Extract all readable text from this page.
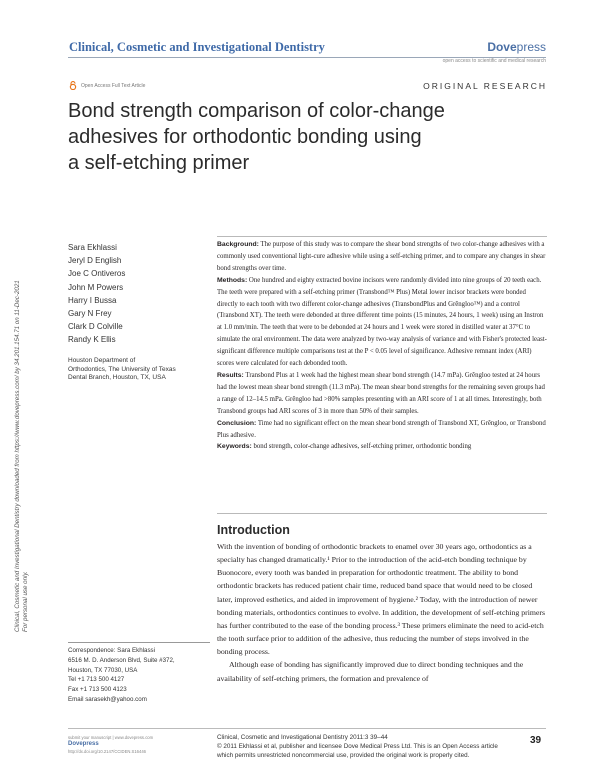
Clinical, Cosmetic and Investigational Dentistry	Dovepress
open access to scientific and medical research
Open Access Full Text Article	ORIGINAL RESEARCH
Bond strength comparison of color-change
adhesives for orthodontic bonding using
a self-etching primer
Clinical, Cosmetic and Investigational Dentistry downloaded from https://www.dovepress.com/ by 34.201.154.71 on 11-Dec-2021 For personal use only.
Sara Ekhlassi
Jeryl D English
Joe C Ontiveros
John M Powers
Harry I Bussa
Gary N Frey
Clark D Colville
Randy K Ellis
Houston Department of
Orthodontics, The University of Texas
Dental Branch, Houston, TX, USA

Background: The purpose of this study was to compare the shear bond strengths of two color-change adhesives with a commonly used conventional light-cure adhesive while using a self-etching primer, and to compare any changes in shear bond strengths over time.

Methods: One hundred and eighty extracted bovine incisors were randomly divided into nine groups of 20 teeth each. The teeth were prepared with a self-etching primer (Transbond™ Plus) Metal lower incisor brackets were bonded directly to each tooth with two different color-change adhesives (TransbondPlus and Grẽngloo™) and a control (Transbond XT). The teeth were debonded at three different time points (15 minutes, 24 hours, 1 week) using an Instron at 1.0 mm/min. The teeth that were to be debonded at 24 hours and 1 week were stored in distilled water at 37°C to simulate the oral environment. The data were analyzed by two-way analysis of variance and with Fisher's protected least-significant difference multiple comparisons test at the P < 0.05 level of significance. Adhesive remnant index (ARI) scores were calculated for each debonded tooth.

Results: Transbond Plus at 1 week had the highest mean shear bond strength (14.7 mPa). Grẽngloo tested at 24 hours had the lowest mean shear bond strength (11.3 mPa). The mean shear bond strengths for the remaining seven groups had a range of 12–14.5 mPa. Grẽngloo had >80% samples presenting with an ARI score of 1 at all times. Interestingly, both Transbond groups had ARI scores of 3 in more than 50% of their samples.

Conclusion: Time had no significant effect on the mean shear bond strength of Transbond XT, Grẽngloo, or Transbond Plus adhesive.

Keywords: bond strength, color-change adhesives, self-etching primer, orthodontic bonding

Introduction

With the invention of bonding of orthodontic brackets to enamel over 30 years ago, orthodontics as a specialty has changed dramatically.¹ Prior to the introduction of the acid-etch bonding technique by Buonocore, every tooth was banded in preparation for orthodontic treatment. The ability to bond orthodontic brackets has reduced patient chair time, reduced band space that would need to be closed later, improved esthetics, and aided in improvement of hygiene.² Today, with the introduction of newer bonding materials, orthodontics continues to evolve. In addition, the development of self-etching primers has further contributed to the ease of the bonding process.³ These primers eliminate the need to acid-etch the tooth surface prior to addition of the adhesive, thus reducing the number of steps involved in the bonding process.

Although ease of bonding has significantly improved due to direct bonding techniques and the availability of self-etching primers, the formation and prevalence of

Correspondence: Sara Ekhlassi
6516 M. D. Anderson Blvd, Suite #372,
Houston, TX 77030, USA
Tel +1 713 500 4127
Fax +1 713 500 4123
Email sarasekh@yahoo.com
submit your manuscript | www.dovepress.com
Dovepress
http://dx.doi.org/10.2147/CCIDEN.S16446
Clinical, Cosmetic and Investigational Dentistry 2011:3 39–44
© 2011 Ekhlassi et al, publisher and licensee Dove Medical Press Ltd. This is an Open Access article
which permits unrestricted noncommercial use, provided the original work is properly cited.
39
